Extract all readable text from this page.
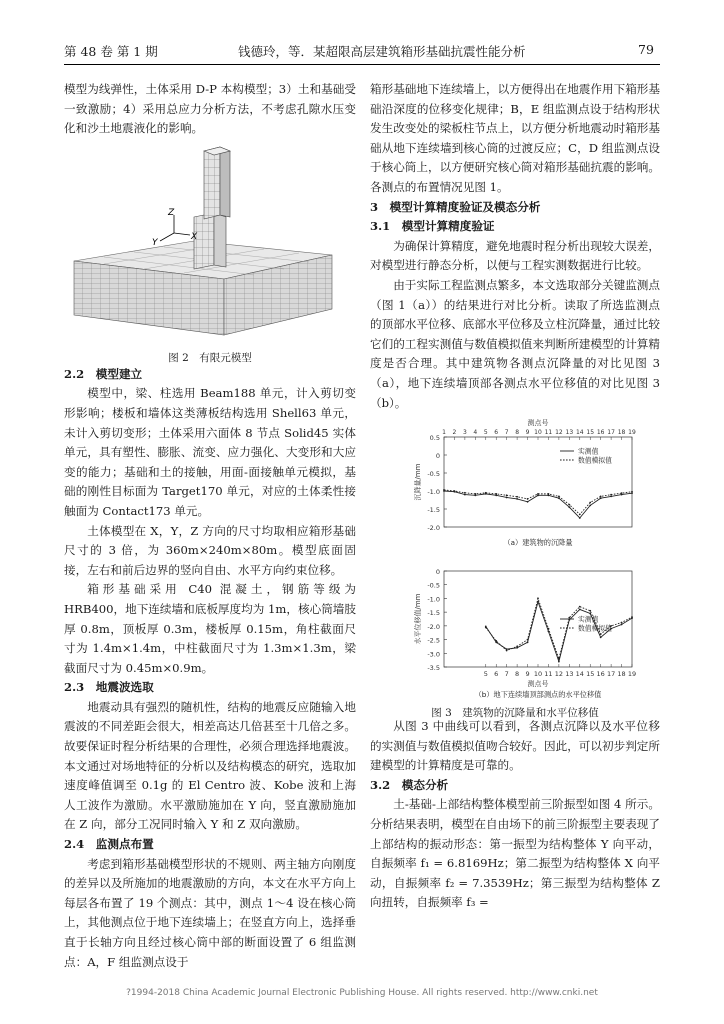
第 48 卷 第 1 期	钱德玲，等．某超限高层建筑箱形基础抗震性能分析	79

模型为线弹性，土体采用 D-P 本构模型；3）土和基础受一致激励；4）采用总应力分析方法，不考虑孔隙水压变化和沙土地震液化的影响。

Z
Y
X

图 2　有限元模型

2.2　模型建立

模型中，梁、柱选用 Beam188 单元，计入剪切变形影响；楼板和墙体这类薄板结构选用 Shell63 单元，未计入剪切变形；土体采用六面体 8 节点 Solid45 实体单元，具有塑性、膨胀、流变、应力强化、大变形和大应变的能力；基础和土的接触，用面-面接触单元模拟，基础的刚性目标面为 Target170 单元，对应的土体柔性接触面为 Contact173 单元。

土体模型在 X，Y，Z 方向的尺寸均取相应箱形基础尺寸的 3 倍，为 360m×240m×80m。模型底面固接，左右和前后边界的竖向自由、水平方向约束位移。

箱形基础采用 C40 混凝土，钢筋等级为 HRB400，地下连续墙和底板厚度均为 1m，核心筒墙肢厚 0.8m，顶板厚 0.3m，楼板厚 0.15m，角柱截面尺寸为 1.4m×1.4m，中柱截面尺寸为 1.3m×1.3m，梁截面尺寸为 0.45m×0.9m。

2.3　地震波选取

地震动具有强烈的随机性，结构的地震反应随输入地震波的不同差距会很大，相差高达几倍甚至十几倍之多。故要保证时程分析结果的合理性，必须合理选择地震波。本文通过对场地特征的分析以及结构模态的研究，选取加速度峰值调至 0.1g 的 El Centro 波、Kobe 波和上海人工波作为激励。水平激励施加在 Y 向，竖直激励施加在 Z 向，部分工况同时输入 Y 和 Z 双向激励。

2.4　监测点布置

考虑到箱形基础模型形状的不规则、两主轴方向刚度的差异以及所施加的地震激励的方向，本文在水平方向上每层各布置了 19 个测点：其中，测点 1～4 设在核心筒上，其他测点位于地下连续墙上；在竖直方向上，选择垂直于长轴方向且经过核心筒中部的断面设置了 6 组监测点：A，F 组监测点设于

箱形基础地下连续墙上，以方便得出在地震作用下箱形基础沿深度的位移变化规律；B，E 组监测点设于结构形状发生改变处的梁板柱节点上，以方便分析地震动时箱形基础从地下连续墙到核心筒的过渡反应；C，D 组监测点设于核心筒上，以方便研究核心筒对箱形基础抗震的影响。各测点的布置情况见图 1。

3　模型计算精度验证及模态分析

3.1　模型计算精度验证

为确保计算精度，避免地震时程分析出现较大误差，对模型进行静态分析，以便与工程实测数据进行比较。

由于实际工程监测点繁多，本文选取部分关键监测点（图 1（a））的结果进行对比分析。读取了所选监测点的顶部水平位移、底部水平位移及立柱沉降量，通过比较它们的工程实测值与数值模拟值来判断所建模型的计算精度是否合理。其中建筑物各测点沉降量的对比见图 3（a），地下连续墙顶部各测点水平位移值的对比见图 3（b）。

0.5
0
-0.5
-1.0
-1.5
-2.0
1 2 3 4 5 6 7 8 9 10 11 12 13 14 15 16 17 18 19
测点号
沉降量/mm
实测值
数值模拟值
（a）建筑物的沉降量
0
-0.5
-1.0
-1.5
-2.0
-2.5
-3.0
-3.5
5 6 7 8 9 10 11 12 13 14 15 16 17 18 19
测点号
水平位移值/mm	实测值
数值模拟值
（b）地下连续墙顶部测点的水平位移值

图 3　建筑物的沉降量和水平位移值

从图 3 中曲线可以看到，各测点沉降以及水平位移的实测值与数值模拟值吻合较好。因此，可以初步判定所建模型的计算精度是可靠的。

3.2　模态分析

土-基础-上部结构整体模型前三阶振型如图 4 所示。分析结果表明，模型在自由场下的前三阶振型主要表现了上部结构的振动形态：第一振型为结构整体 Y 向平动，自振频率 f₁ = 6.8169Hz；第二振型为结构整体 X 向平动，自振频率 f₂ = 7.3539Hz；第三振型为结构整体 Z 向扭转，自振频率 f₃ =

?1994-2018 China Academic Journal Electronic Publishing House. All rights reserved. http://www.cnki.net
